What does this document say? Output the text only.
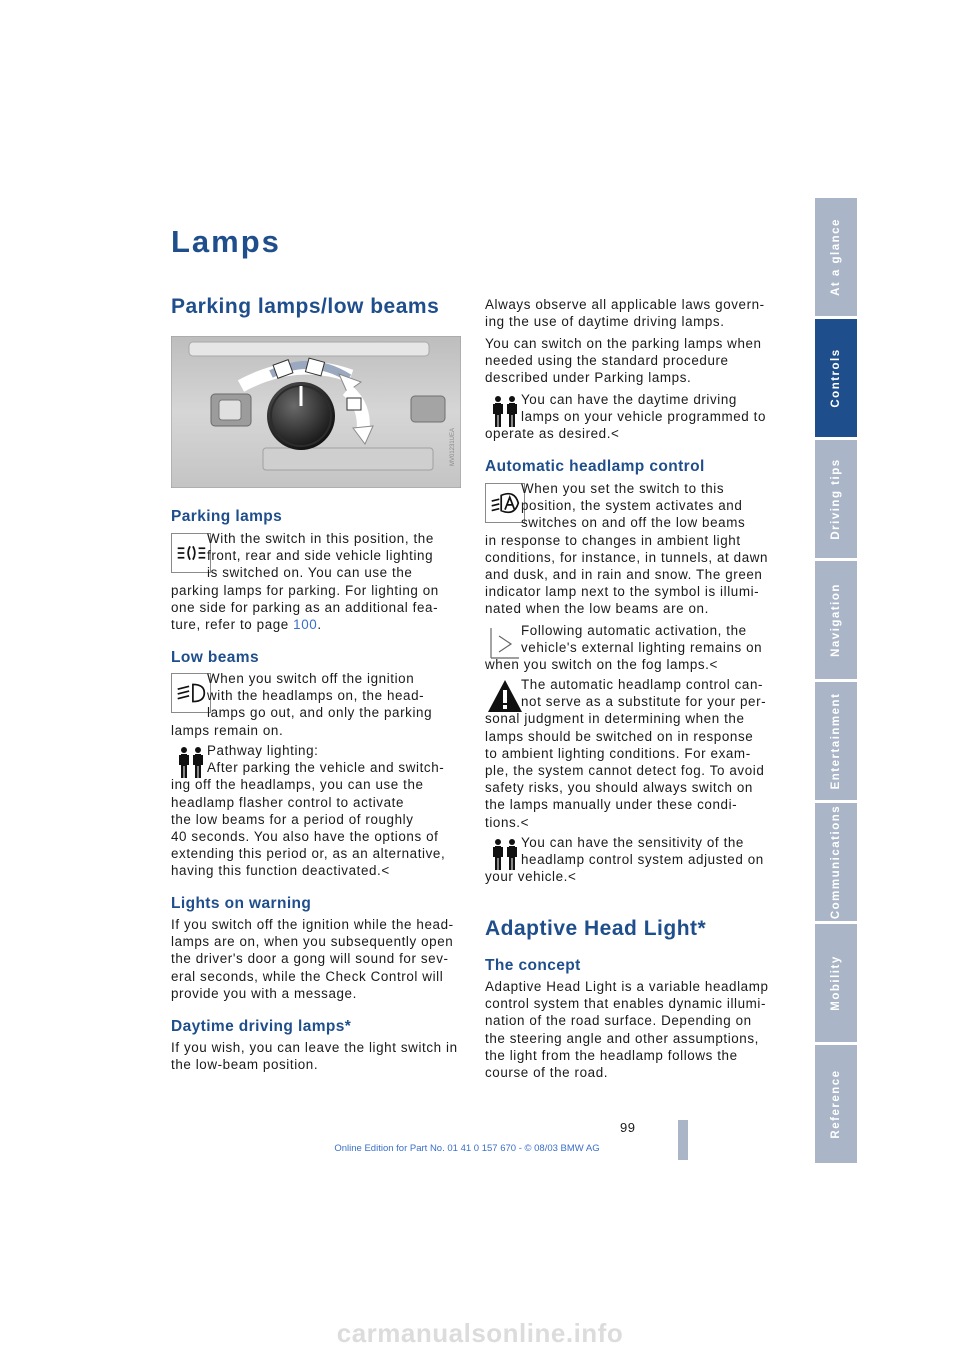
Lamps
Parking lamps/low beams
MV01231UEA
Parking lamps
With the switch in this position, the
front, rear and side vehicle lighting
is switched on. You can use the
parking lamps for parking. For lighting on
one side for parking as an additional fea-
ture, refer to page 100.
Low beams
When you switch off the ignition
with the headlamps on, the head-
lamps go out, and only the parking
lamps remain on.
Pathway lighting:
After parking the vehicle and switch-
ing off the headlamps, you can use the
headlamp flasher control to activate
the low beams for a period of roughly
40 seconds. You also have the options of
extending this period or, as an alternative,
having this function deactivated.<
Lights on warning
If you switch off the ignition while the head-
lamps are on, when you subsequently open
the driver's door a gong will sound for sev-
eral seconds, while the Check Control will
provide you with a message.
Daytime driving lamps*
If you wish, you can leave the light switch in
the low-beam position.
Always observe all applicable laws govern-
ing the use of daytime driving lamps.
You can switch on the parking lamps when
needed using the standard procedure
described under Parking lamps.
You can have the daytime driving
lamps on your vehicle programmed to
operate as desired.<
Automatic headlamp control
When you set the switch to this
position, the system activates and
switches on and off the low beams
in response to changes in ambient light
conditions, for instance, in tunnels, at dawn
and dusk, and in rain and snow. The green
indicator lamp next to the symbol is illumi-
nated when the low beams are on.
Following automatic activation, the
vehicle's external lighting remains on
when you switch on the fog lamps.<
The automatic headlamp control can-
not serve as a substitute for your per-
sonal judgment in determining when the
lamps should be switched on in response
to ambient lighting conditions. For exam-
ple, the system cannot detect fog. To avoid
safety risks, you should always switch on
the lamps manually under these condi-
tions.<
You can have the sensitivity of the
headlamp control system adjusted on
your vehicle.<
Adaptive Head Light*
The concept
Adaptive Head Light is a variable headlamp
control system that enables dynamic illumi-
nation of the road surface. Depending on
the steering angle and other assumptions,
the light from the headlamp follows the
course of the road.
At a glance
Controls
Driving tips
Navigation
Entertainment
Communications
Mobility
Reference
99
Online Edition for Part No. 01 41 0 157 670 - © 08/03 BMW AG
carmanualsonline.info
